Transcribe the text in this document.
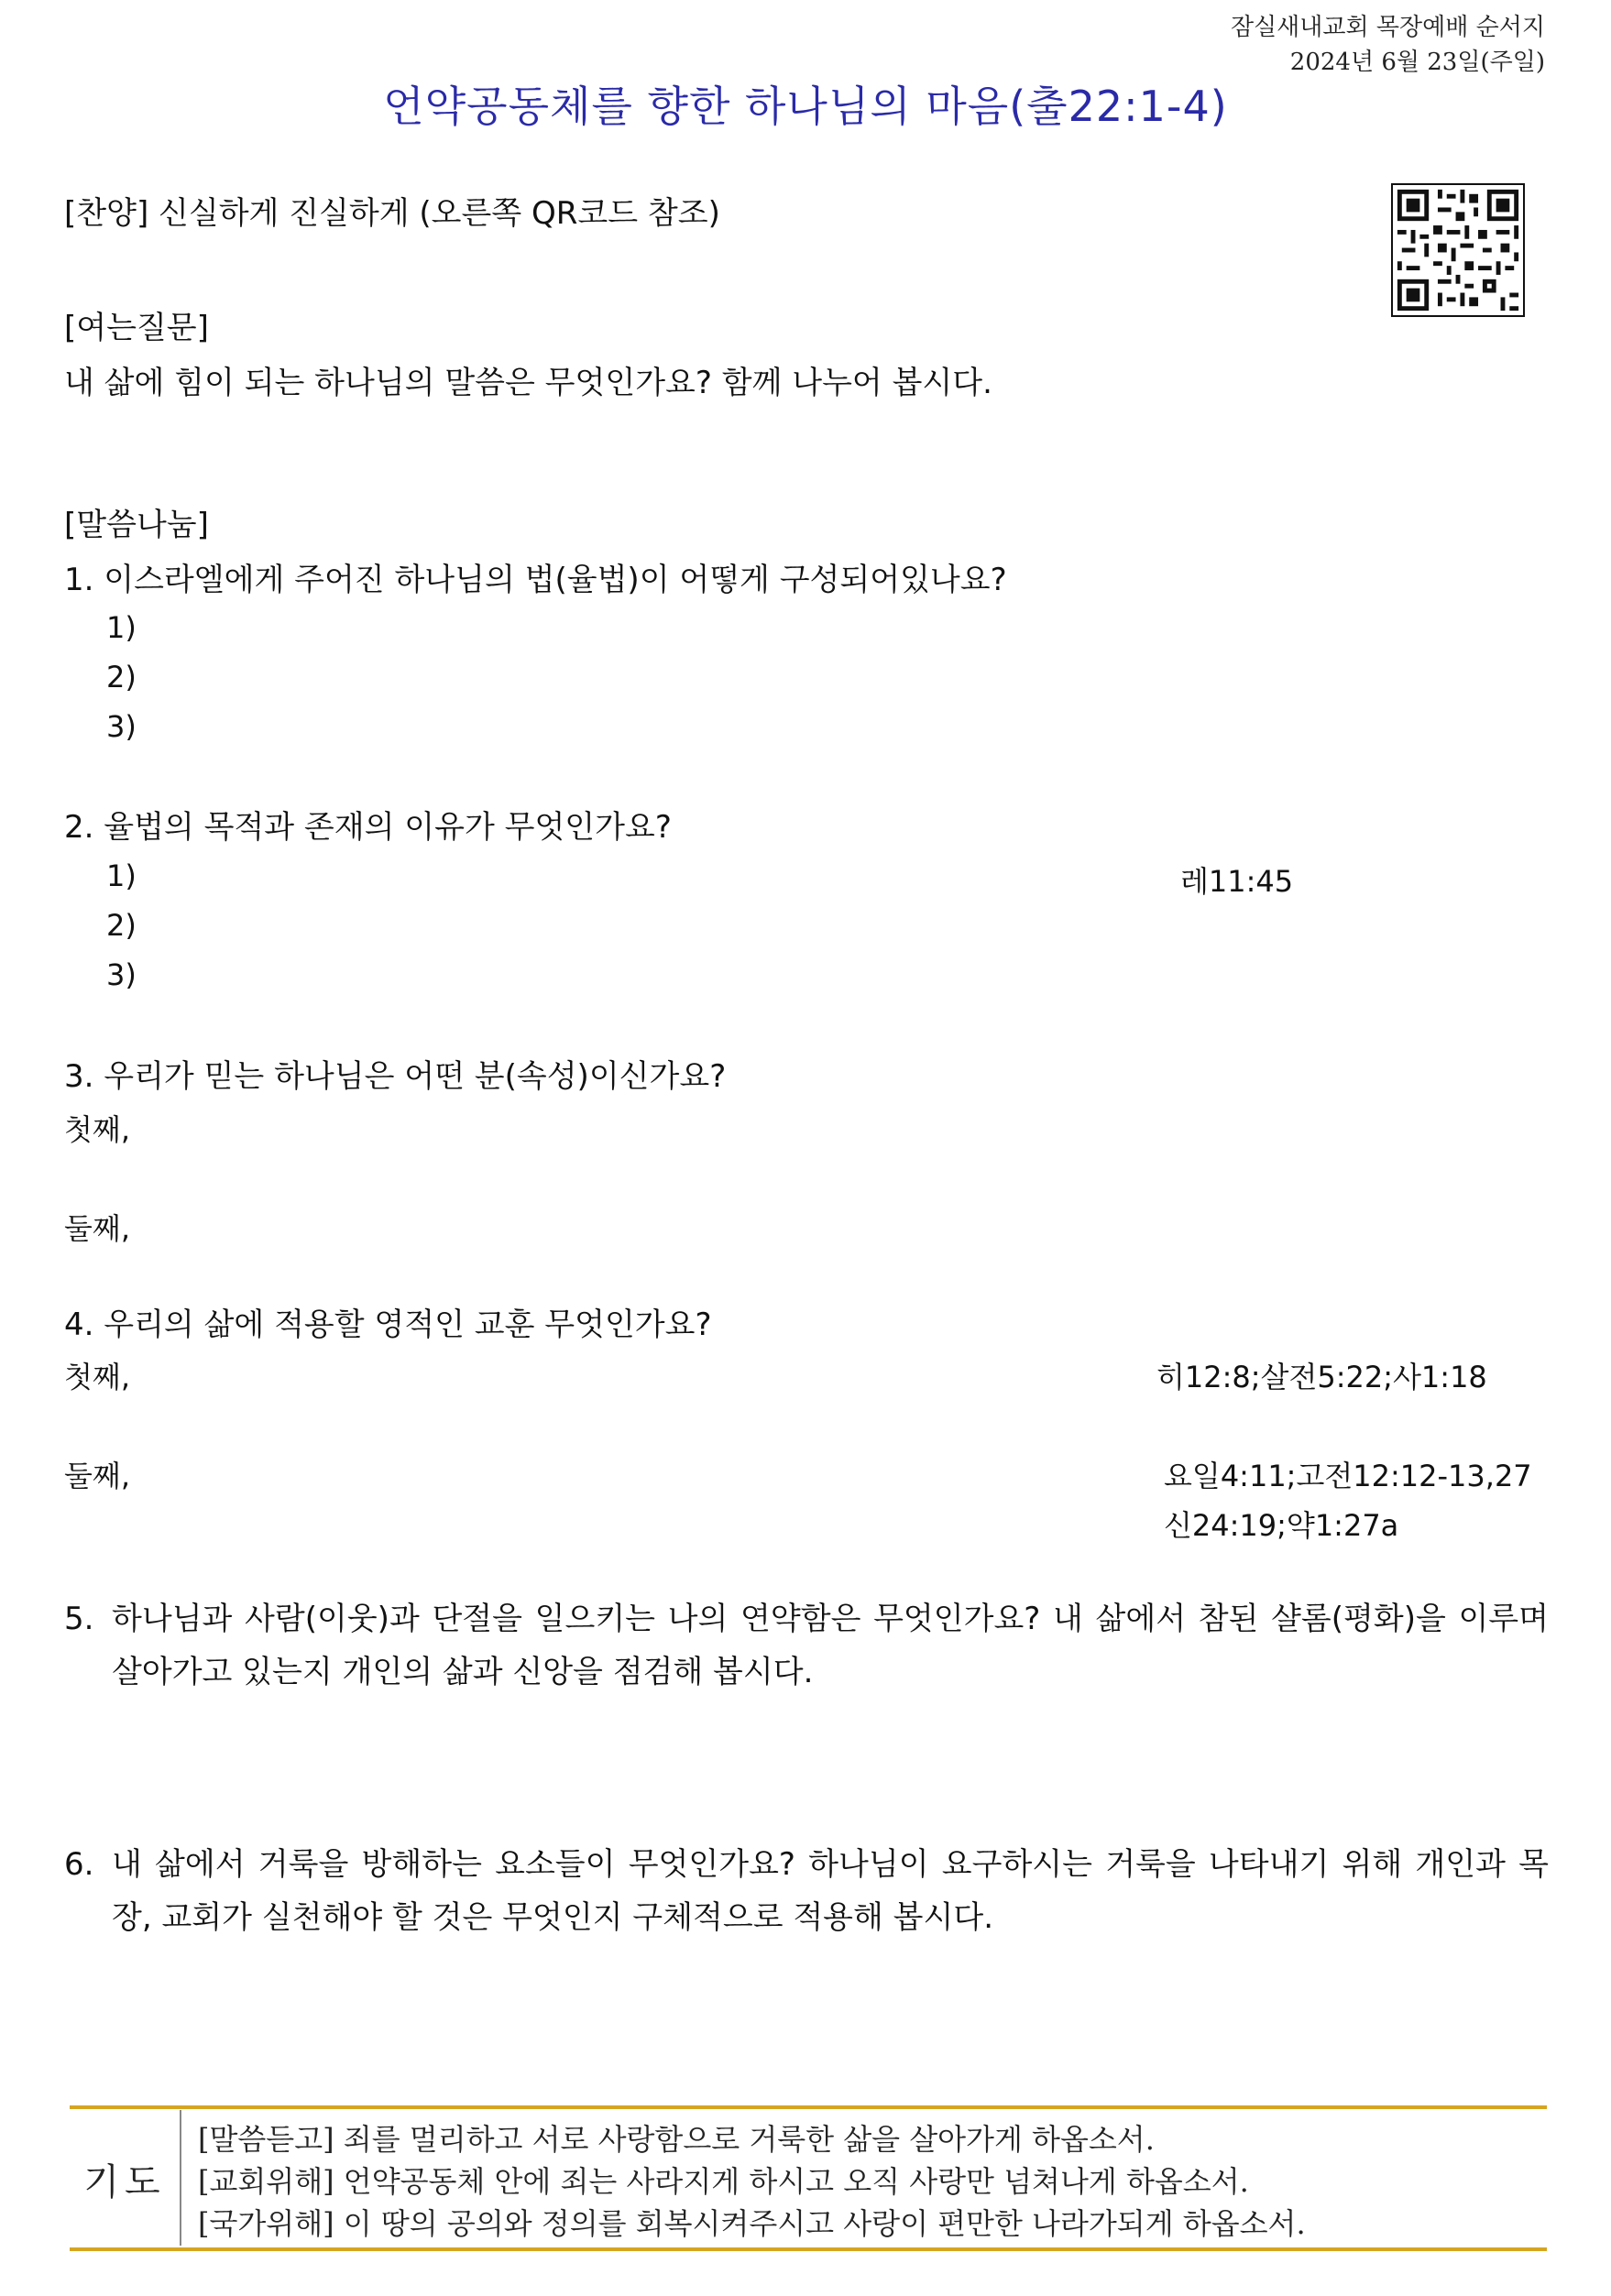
잠실새내교회 목장예배 순서지
2024년 6월 23일(주일)
언약공동체를 향한 하나님의 마음(출22:1-4)
[찬양] 신실하게 진실하게 (오른쪽 QR코드 참조)
[여는질문]
내 삶에 힘이 되는 하나님의 말씀은 무엇인가요? 함께 나누어 봅시다.
[말씀나눔]
1. 이스라엘에게 주어진 하나님의 법(율법)이 어떻게 구성되어있나요?
1)
2)
3)
2. 율법의 목적과 존재의 이유가 무엇인가요?
1)	레11:45
2)
3)
3. 우리가 믿는 하나님은 어떤 분(속성)이신가요?
첫째,
둘째,
4. 우리의 삶에 적용할 영적인 교훈 무엇인가요?
첫째,	히12:8;살전5:22;사1:18
둘째,	요일4:11;고전12:12-13,27
신24:19;약1:27a
5. 하나님과 사람(이웃)과 단절을 일으키는 나의 연약함은 무엇인가요? 내 삶에서 참된 샬롬(평화)을 이루며 살아가고 있는지 개인의 삶과 신앙을 점검해 봅시다.
6. 내 삶에서 거룩을 방해하는 요소들이 무엇인가요? 하나님이 요구하시는 거룩을 나타내기 위해 개인과 목장, 교회가 실천해야 할 것은 무엇인지 구체적으로 적용해 봅시다.
기도
[말씀듣고] 죄를 멀리하고 서로 사랑함으로 거룩한 삶을 살아가게 하옵소서.
[교회위해] 언약공동체 안에 죄는 사라지게 하시고 오직 사랑만 넘쳐나게 하옵소서.
[국가위해] 이 땅의 공의와 정의를 회복시켜주시고 사랑이 편만한 나라가되게 하옵소서.
